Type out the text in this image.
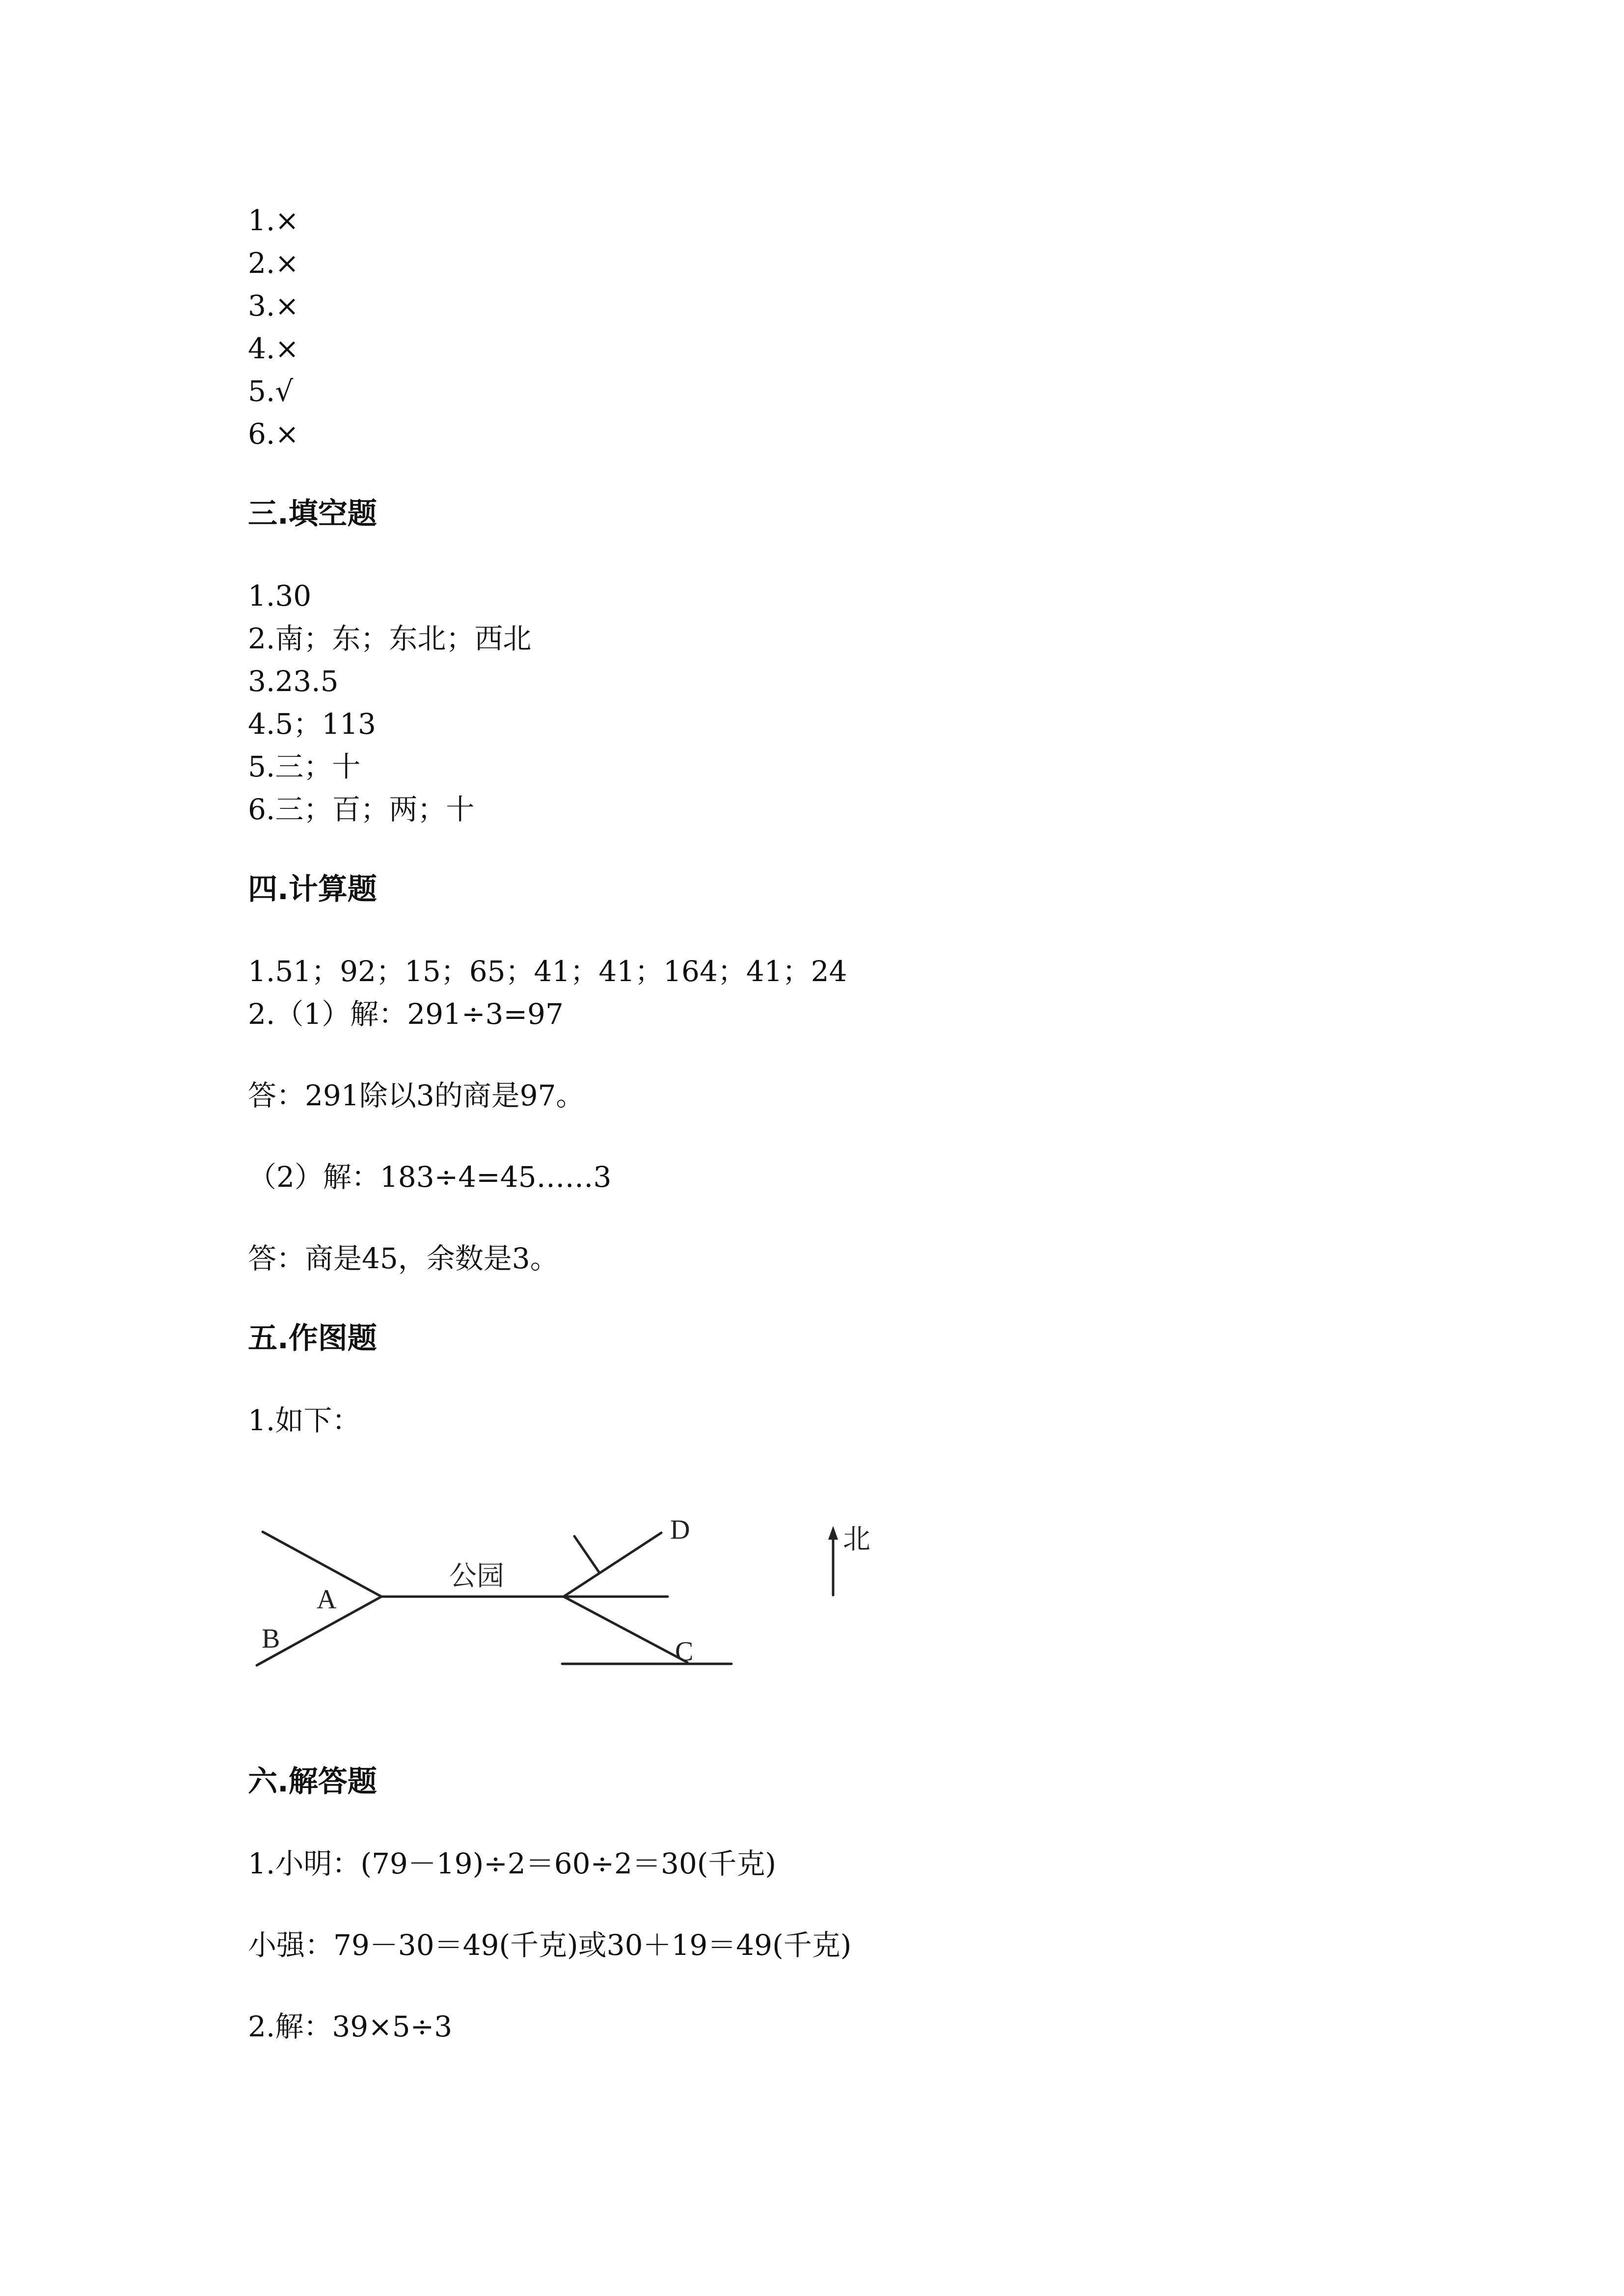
1.×
2.×
3.×
4.×
5.√
6.×
三.填空题
1.30
2.南；东；东北；西北
3.23.5
4.5；113
5.三；十
6.三；百；两；十
四.计算题
1.51；92；15；65；41；41；164；41；24
2.（1）解：291÷3=97
答：291除以3的商是97。
（2）解：183÷4=45……3
答：商是45，余数是3。
五.作图题
1.如下：
公园
A
B	C
D	北
六.解答题
1.小明：(79－19)÷2＝60÷2＝30(千克)
小强：79－30＝49(千克)或30＋19＝49(千克)
2.解：39×5÷3
